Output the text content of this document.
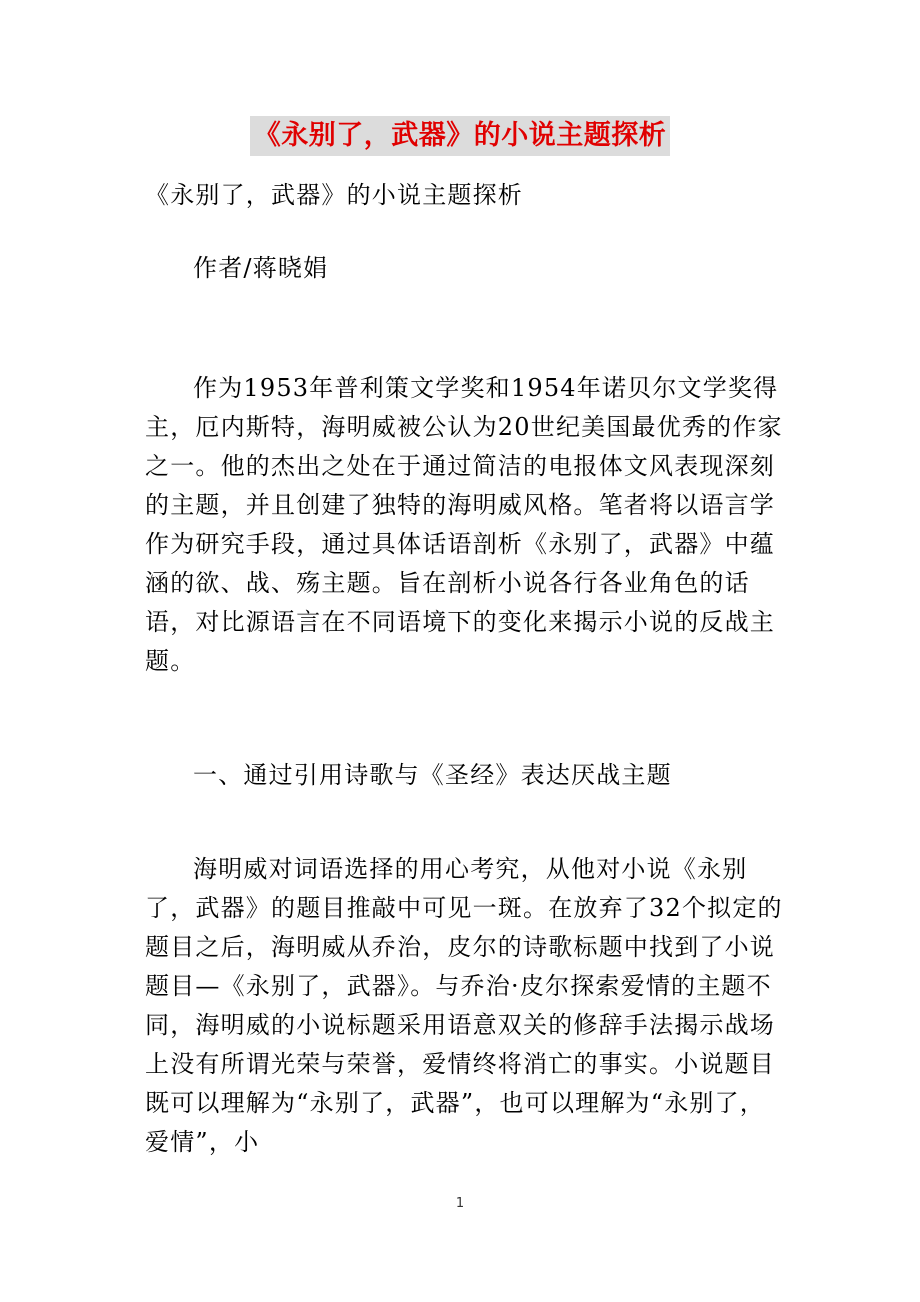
《永别了，武器》的小说主题探析

《永别了，武器》的小说主题探析

作者/蒋晓娟

作为1953年普利策文学奖和1954年诺贝尔文学奖得主，厄内斯特，海明威被公认为20世纪美国最优秀的作家之一。他的杰出之处在于通过简洁的电报体文风表现深刻的主题，并且创建了独特的海明威风格。笔者将以语言学作为研究手段，通过具体话语剖析《永别了，武器》中蕴涵的欲、战、殇主题。旨在剖析小说各行各业角色的话语，对比源语言在不同语境下的变化来揭示小说的反战主题。

一、通过引用诗歌与《圣经》表达厌战主题

海明威对词语选择的用心考究，从他对小说《永别了，武器》的题目推敲中可见一斑。在放弃了32个拟定的题目之后，海明威从乔治，皮尔的诗歌标题中找到了小说题目—《永别了，武器》。与乔治·皮尔探索爱情的主题不同，海明威的小说标题采用语意双关的修辞手法揭示战场上没有所谓光荣与荣誉，爱情终将消亡的事实。小说题目既可以理解为“永别了，武器”，也可以理解为“永别了，爱情”，小

1
